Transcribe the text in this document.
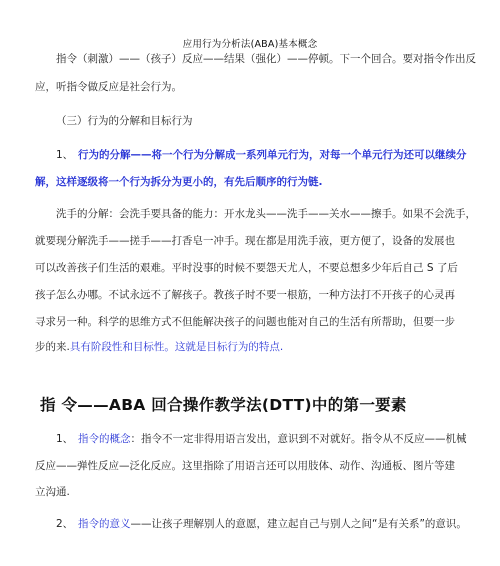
应用行为分析法(ABA)基本概念
指令（刺激）——（孩子）反应——结果（强化）——停顿。下一个回合。要对指令作出反
应，听指令做反应是社会行为。
（三）行为的分解和目标行为
1、 行为的分解——将一个行为分解成一系列单元行为，对每一个单元行为还可以继续分
解，这样逐级将一个行为拆分为更小的，有先后顺序的行为链.
洗手的分解：会洗手要具备的能力：开水龙头——洗手——关水——擦手。如果不会洗手，
就要现分解洗手——搓手——打香皂一冲手。现在都是用洗手液，更方便了，设备的发展也
可以改善孩子们生活的艰难。平时没事的时候不要怨天尤人，不要总想多少年后自己 S 了后
孩子怎么办哪。不试永远不了解孩子。教孩子时不要一根筋，一种方法打不开孩子的心灵再
寻求另一种。科学的思维方式不但能解决孩子的问题也能对自己的生活有所帮助，但要一步
步的来.具有阶段性和目标性。这就是目标行为的特点.
指 令——ABA 回合操作教学法(DTT)中的第一要素
1、 指令的概念：指令不一定非得用语言发出，意识到不对就好。指令从不反应——机械
反应——弹性反应—泛化反应。这里指除了用语言还可以用肢体、动作、沟通板、图片等建
立沟通.
2、 指令的意义——让孩子理解别人的意愿，建立起自己与别人之间“是有关系”的意识。
